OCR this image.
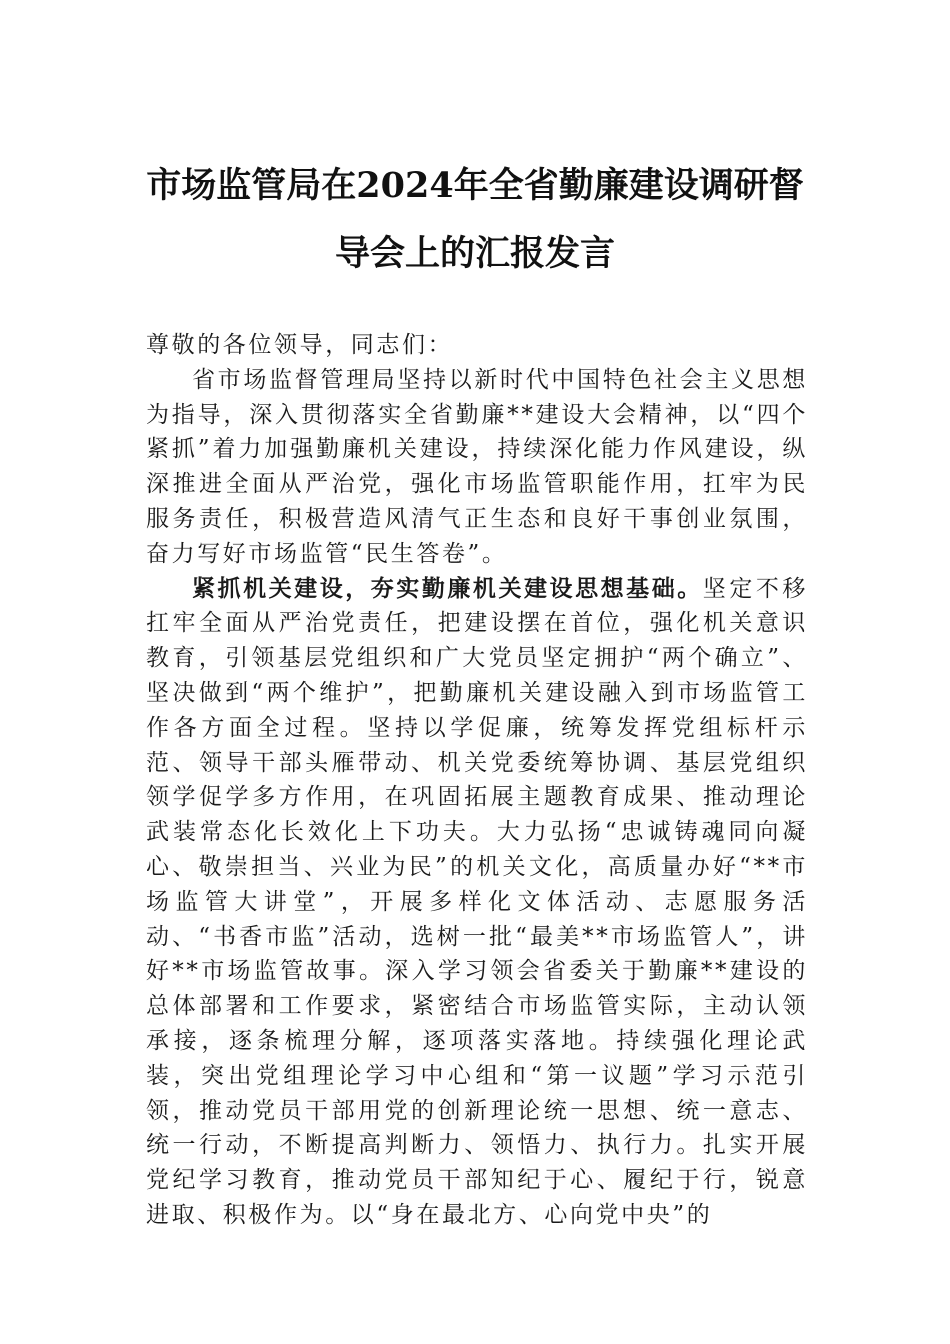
市场监管局在2024年全省勤廉建设调研督
导会上的汇报发言

尊敬的各位领导，同志们：

省市场监督管理局坚持以新时代中国特色社会主义思想为指导，深入贯彻落实全省勤廉**建设大会精神，以“四个紧抓”着力加强勤廉机关建设，持续深化能力作风建设，纵深推进全面从严治党，强化市场监管职能作用，扛牢为民服务责任，积极营造风清气正生态和良好干事创业氛围，奋力写好市场监管“民生答卷”。

紧抓机关建设，夯实勤廉机关建设思想基础。坚定不移扛牢全面从严治党责任，把建设摆在首位，强化机关意识教育，引领基层党组织和广大党员坚定拥护“两个确立”、坚决做到“两个维护”，把勤廉机关建设融入到市场监管工作各方面全过程。坚持以学促廉，统筹发挥党组标杆示范、领导干部头雁带动、机关党委统筹协调、基层党组织领学促学多方作用，在巩固拓展主题教育成果、推动理论武装常态化长效化上下功夫。大力弘扬“忠诚铸魂同向凝心、敬崇担当、兴业为民”的机关文化，高质量办好“**市场监管大讲堂”，开展多样化文体活动、志愿服务活动、“书香市监”活动，选树一批“最美**市场监管人”，讲好**市场监管故事。深入学习领会省委关于勤廉**建设的总体部署和工作要求，紧密结合市场监管实际，主动认领承接，逐条梳理分解，逐项落实落地。持续强化理论武装，突出党组理论学习中心组和“第一议题”学习示范引领，推动党员干部用党的创新理论统一思想、统一意志、统一行动，不断提高判断力、领悟力、执行力。扎实开展党纪学习教育，推动党员干部知纪于心、履纪于行，锐意进取、积极作为。以“身在最北方、心向党中央”的
